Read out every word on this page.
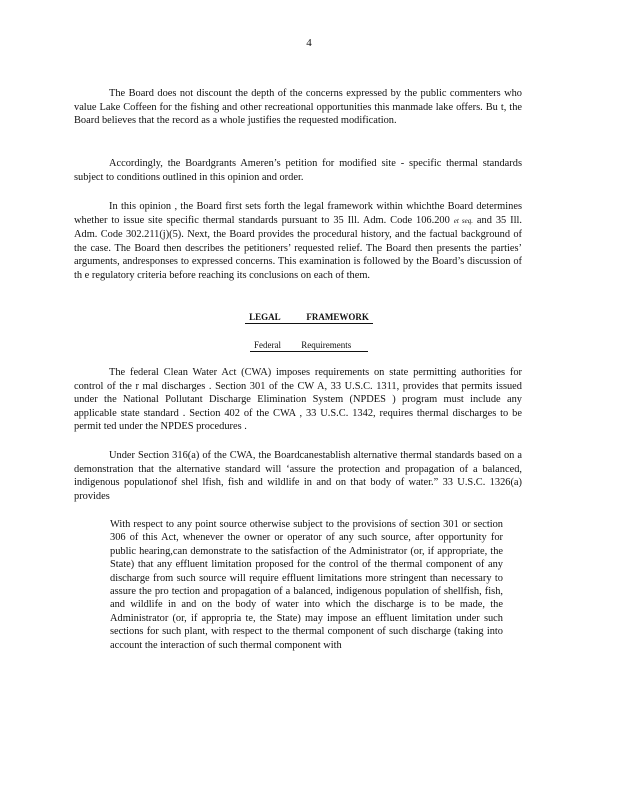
4

The Board does not discount the depth of the concerns expressed by the public commenters who value Lake Coffeen for the fishing and other recreational opportunities this manmade lake offers. Bu t, the Board believes that the record as a whole justifies the requested modification.

Accordingly, the Boardgrants Ameren’s petition for modified site - specific thermal standards subject to conditions outlined in this opinion and order.

In this opinion , the Board first sets forth the legal framework within whichthe Board determines whether to issue site specific thermal standards pursuant to 35 Ill. Adm. Code 106.200 et seq. and 35 Ill. Adm. Code 302.211(j)(5). Next, the Board provides the procedural history, and the factual background of the case. The Board then describes the petitioners’ requested relief. The Board then presents the parties’ arguments, andresponses to expressed concerns. This examination is followed by the Board’s discussion of th e regulatory criteria before reaching its conclusions on each of them.

LEGAL FRAMEWORK

Federal Requirements

The federal Clean Water Act (CWA) imposes requirements on state permitting authorities for control of the r mal discharges . Section 301 of the CW A, 33 U.S.C. 1311, provides that permits issued under the National Pollutant Discharge Elimination System (NPDES ) program must include any applicable state standard . Section 402 of the CWA , 33 U.S.C. 1342, requires thermal discharges to be permit ted under the NPDES procedures .

Under Section 316(a) of the CWA, the Boardcanestablish alternative thermal standards based on a demonstration that the alternative standard will ‘assure the protection and propagation of a balanced, indigenous populationof shel lfish, fish and wildlife in and on that body of water.” 33 U.S.C. 1326(a) provides

With respect to any point source otherwise subject to the provisions of section 301 or section 306 of this Act, whenever the owner or operator of any such source, after opportunity for public hearing,can demonstrate to the satisfaction of the Administrator (or, if appropriate, the State) that any effluent limitation proposed for the control of the thermal component of any discharge from such source will require effluent limitations more stringent than necessary to assure the pro tection and propagation of a balanced, indigenous population of shellfish, fish, and wildlife in and on the body of water into which the discharge is to be made, the Administrator (or, if appropria te, the State) may impose an effluent limitation under such sections for such plant, with respect to the thermal component of such discharge (taking into account the interaction of such thermal component with
